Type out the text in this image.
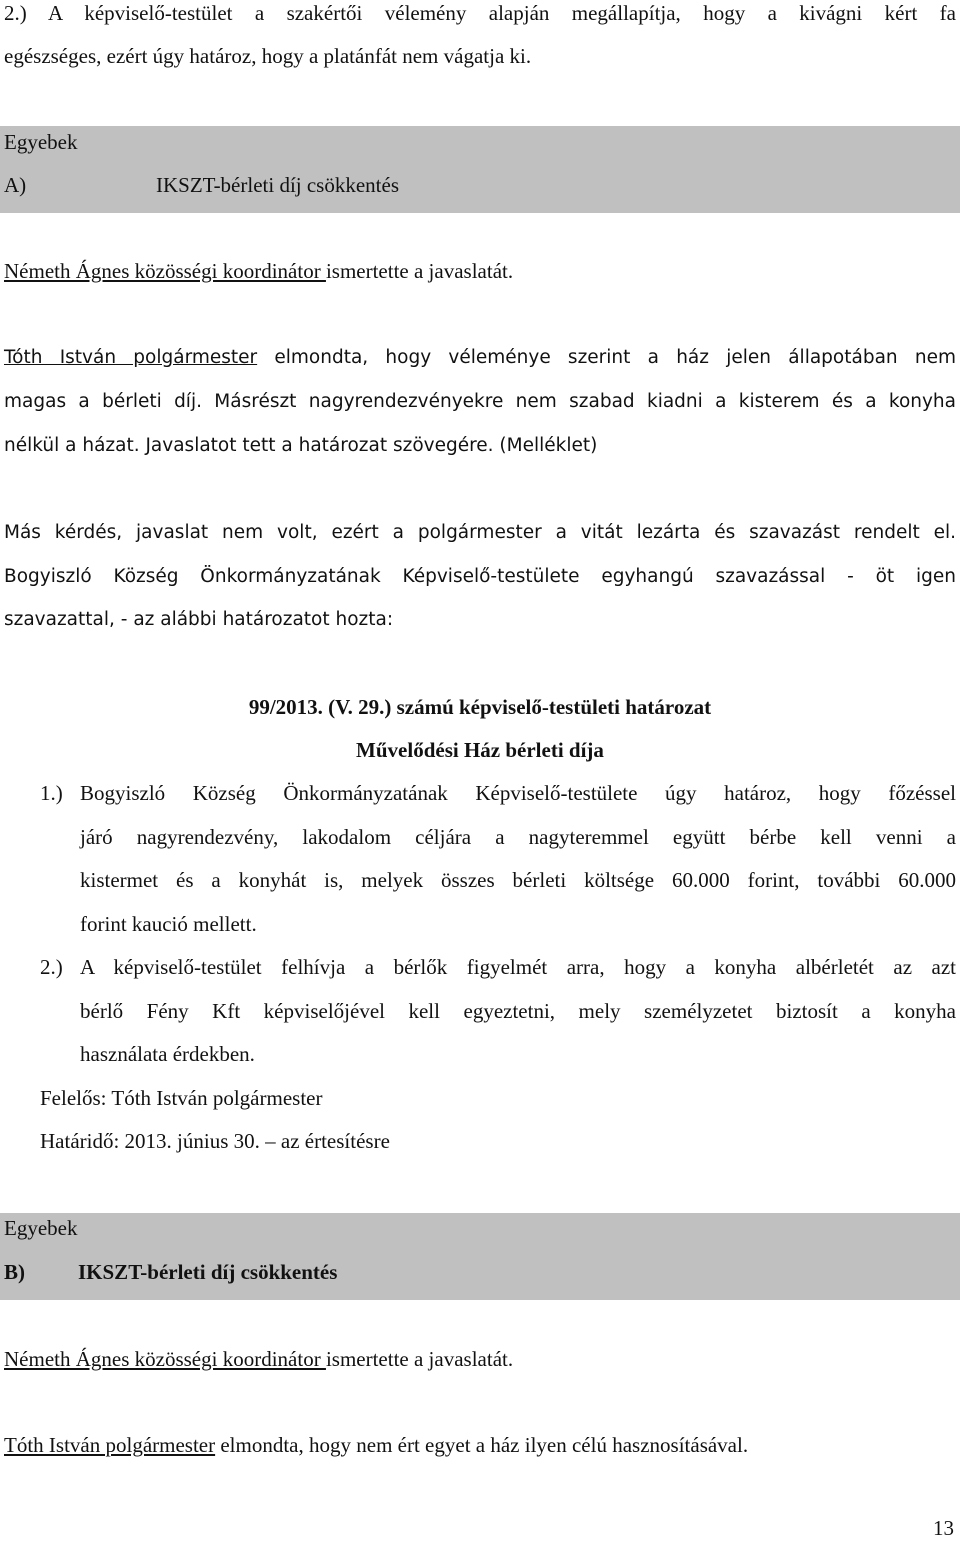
2.) A képviselő-testület a szakértői vélemény alapján megállapítja, hogy a kivágni kért fa
egészséges, ezért úgy határoz, hogy a platánfát nem vágatja ki.
Egyebek
A)	IKSZT-bérleti díj csökkentés
Németh Ágnes közösségi koordinátor ismertette a javaslatát.
Tóth István polgármester elmondta, hogy véleménye szerint a ház jelen állapotában nem
magas a bérleti díj. Másrészt nagyrendezvényekre nem szabad kiadni a kisterem és a konyha
nélkül a házat. Javaslatot tett a határozat szövegére. (Melléklet)
Más kérdés, javaslat nem volt, ezért a polgármester a vitát lezárta és szavazást rendelt el.
Bogyiszló Község Önkormányzatának Képviselő-testülete egyhangú szavazással - öt igen
szavazattal, - az alábbi határozatot hozta:
99/2013. (V. 29.) számú képviselő-testületi határozat
Művelődési Ház bérleti díja
1.) Bogyiszló Község Önkormányzatának Képviselő-testülete úgy határoz, hogy főzéssel
járó nagyrendezvény, lakodalom céljára a nagyteremmel együtt bérbe kell venni a
kistermet és a konyhát is, melyek összes bérleti költsége 60.000 forint, további 60.000
forint kaució mellett.
2.) A képviselő-testület felhívja a bérlők figyelmét arra, hogy a konyha albérletét az azt
bérlő Fény Kft képviselőjével kell egyeztetni, mely személyzetet biztosít a konyha
használata érdekben.
Felelős: Tóth István polgármester
Határidő: 2013. június 30. – az értesítésre
Egyebek
B)	IKSZT-bérleti díj csökkentés
Németh Ágnes közösségi koordinátor ismertette a javaslatát.
Tóth István polgármester elmondta, hogy nem ért egyet a ház ilyen célú hasznosításával.
13
